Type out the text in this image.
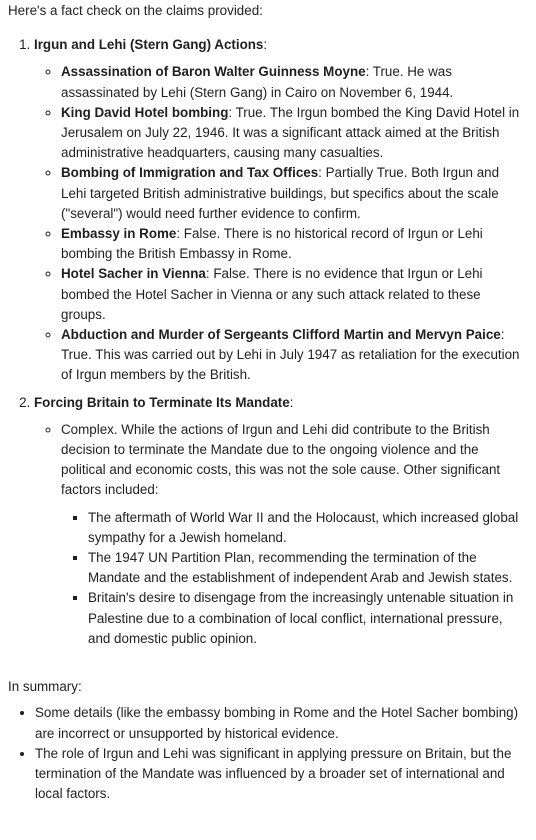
Here's a fact check on the claims provided:

1. Irgun and Lehi (Stern Gang) Actions:
◦ Assassination of Baron Walter Guinness Moyne: True. He was assassinated by Lehi (Stern Gang) in Cairo on November 6, 1944.
◦ King David Hotel bombing: True. The Irgun bombed the King David Hotel in Jerusalem on July 22, 1946. It was a significant attack aimed at the British administrative headquarters, causing many casualties.
◦ Bombing of Immigration and Tax Offices: Partially True. Both Irgun and Lehi targeted British administrative buildings, but specifics about the scale ("several") would need further evidence to confirm.
◦ Embassy in Rome: False. There is no historical record of Irgun or Lehi bombing the British Embassy in Rome.
◦ Hotel Sacher in Vienna: False. There is no evidence that Irgun or Lehi bombed the Hotel Sacher in Vienna or any such attack related to these groups.
◦ Abduction and Murder of Sergeants Clifford Martin and Mervyn Paice: True. This was carried out by Lehi in July 1947 as retaliation for the execution of Irgun members by the British.
2. Forcing Britain to Terminate Its Mandate:
◦ Complex. While the actions of Irgun and Lehi did contribute to the British decision to terminate the Mandate due to the ongoing violence and the political and economic costs, this was not the sole cause. Other significant factors included:
▪ The aftermath of World War II and the Holocaust, which increased global sympathy for a Jewish homeland.
▪ The 1947 UN Partition Plan, recommending the termination of the Mandate and the establishment of independent Arab and Jewish states.
▪ Britain's desire to disengage from the increasingly untenable situation in Palestine due to a combination of local conflict, international pressure, and domestic public opinion.

In summary:

• Some details (like the embassy bombing in Rome and the Hotel Sacher bombing) are incorrect or unsupported by historical evidence.
• The role of Irgun and Lehi was significant in applying pressure on Britain, but the termination of the Mandate was influenced by a broader set of international and local factors.
